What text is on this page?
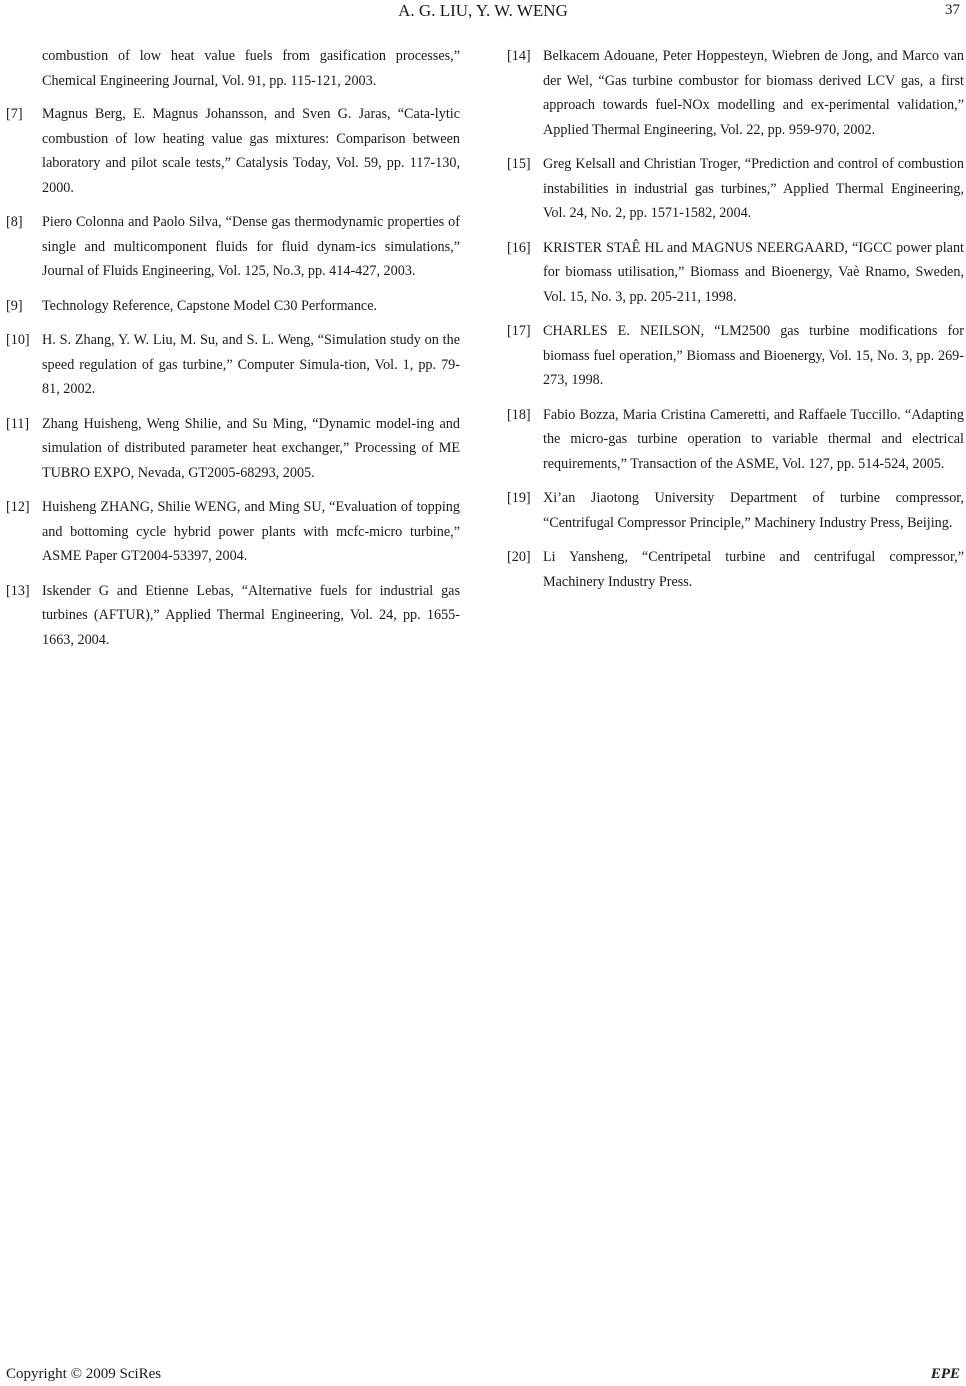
A. G. LIU, Y. W. WENG	37
combustion of low heat value fuels from gasification processes,” Chemical Engineering Journal, Vol. 91, pp. 115-121, 2003.
[7]	Magnus Berg, E. Magnus Johansson, and Sven G. Jaras, “Cata-lytic combustion of low heating value gas mixtures: Comparison between laboratory and pilot scale tests,” Catalysis Today, Vol. 59, pp. 117-130, 2000.
[8]	Piero Colonna and Paolo Silva, “Dense gas thermodynamic properties of single and multicomponent fluids for fluid dynam-ics simulations,” Journal of Fluids Engineering, Vol. 125, No.3, pp. 414-427, 2003.
[9]	Technology Reference, Capstone Model C30 Performance.
[10] H. S. Zhang, Y. W. Liu, M. Su, and S. L. Weng, “Simulation study on the speed regulation of gas turbine,” Computer Simula-tion, Vol. 1, pp. 79-81, 2002.
[11] Zhang Huisheng, Weng Shilie, and Su Ming, “Dynamic model-ing and simulation of distributed parameter heat exchanger,” Processing of ME TUBRO EXPO, Nevada, GT2005-68293, 2005.
[12] Huisheng ZHANG, Shilie WENG, and Ming SU, “Evaluation of topping and bottoming cycle hybrid power plants with mcfc-micro turbine,” ASME Paper GT2004-53397, 2004.
[13] Iskender G and Etienne Lebas, “Alternative fuels for industrial gas turbines (AFTUR),” Applied Thermal Engineering, Vol. 24, pp. 1655-1663, 2004.
[14] Belkacem Adouane, Peter Hoppesteyn, Wiebren de Jong, and Marco van der Wel, “Gas turbine combustor for biomass derived LCV gas, a first approach towards fuel-NOx modelling and ex-perimental validation,” Applied Thermal Engineering, Vol. 22, pp. 959-970, 2002.
[15] Greg Kelsall and Christian Troger, “Prediction and control of combustion instabilities in industrial gas turbines,” Applied Thermal Engineering, Vol. 24, No. 2, pp. 1571-1582, 2004.
[16] KRISTER STAÊ HL and MAGNUS NEERGAARD, “IGCC power plant for biomass utilisation,” Biomass and Bioenergy, Vaè Rnamo, Sweden, Vol. 15, No. 3, pp. 205-211, 1998.
[17] CHARLES E. NEILSON, “LM2500 gas turbine modifications for biomass fuel operation,” Biomass and Bioenergy, Vol. 15, No. 3, pp. 269-273, 1998.
[18] Fabio Bozza, Maria Cristina Cameretti, and Raffaele Tuccillo. “Adapting the micro-gas turbine operation to variable thermal and electrical requirements,” Transaction of the ASME, Vol. 127, pp. 514-524, 2005.
[19] Xi’an Jiaotong University Department of turbine compressor, “Centrifugal Compressor Principle,” Machinery Industry Press, Beijing.
[20] Li Yansheng, “Centripetal turbine and centrifugal compressor,” Machinery Industry Press.
Copyright © 2009 SciRes	EPE
